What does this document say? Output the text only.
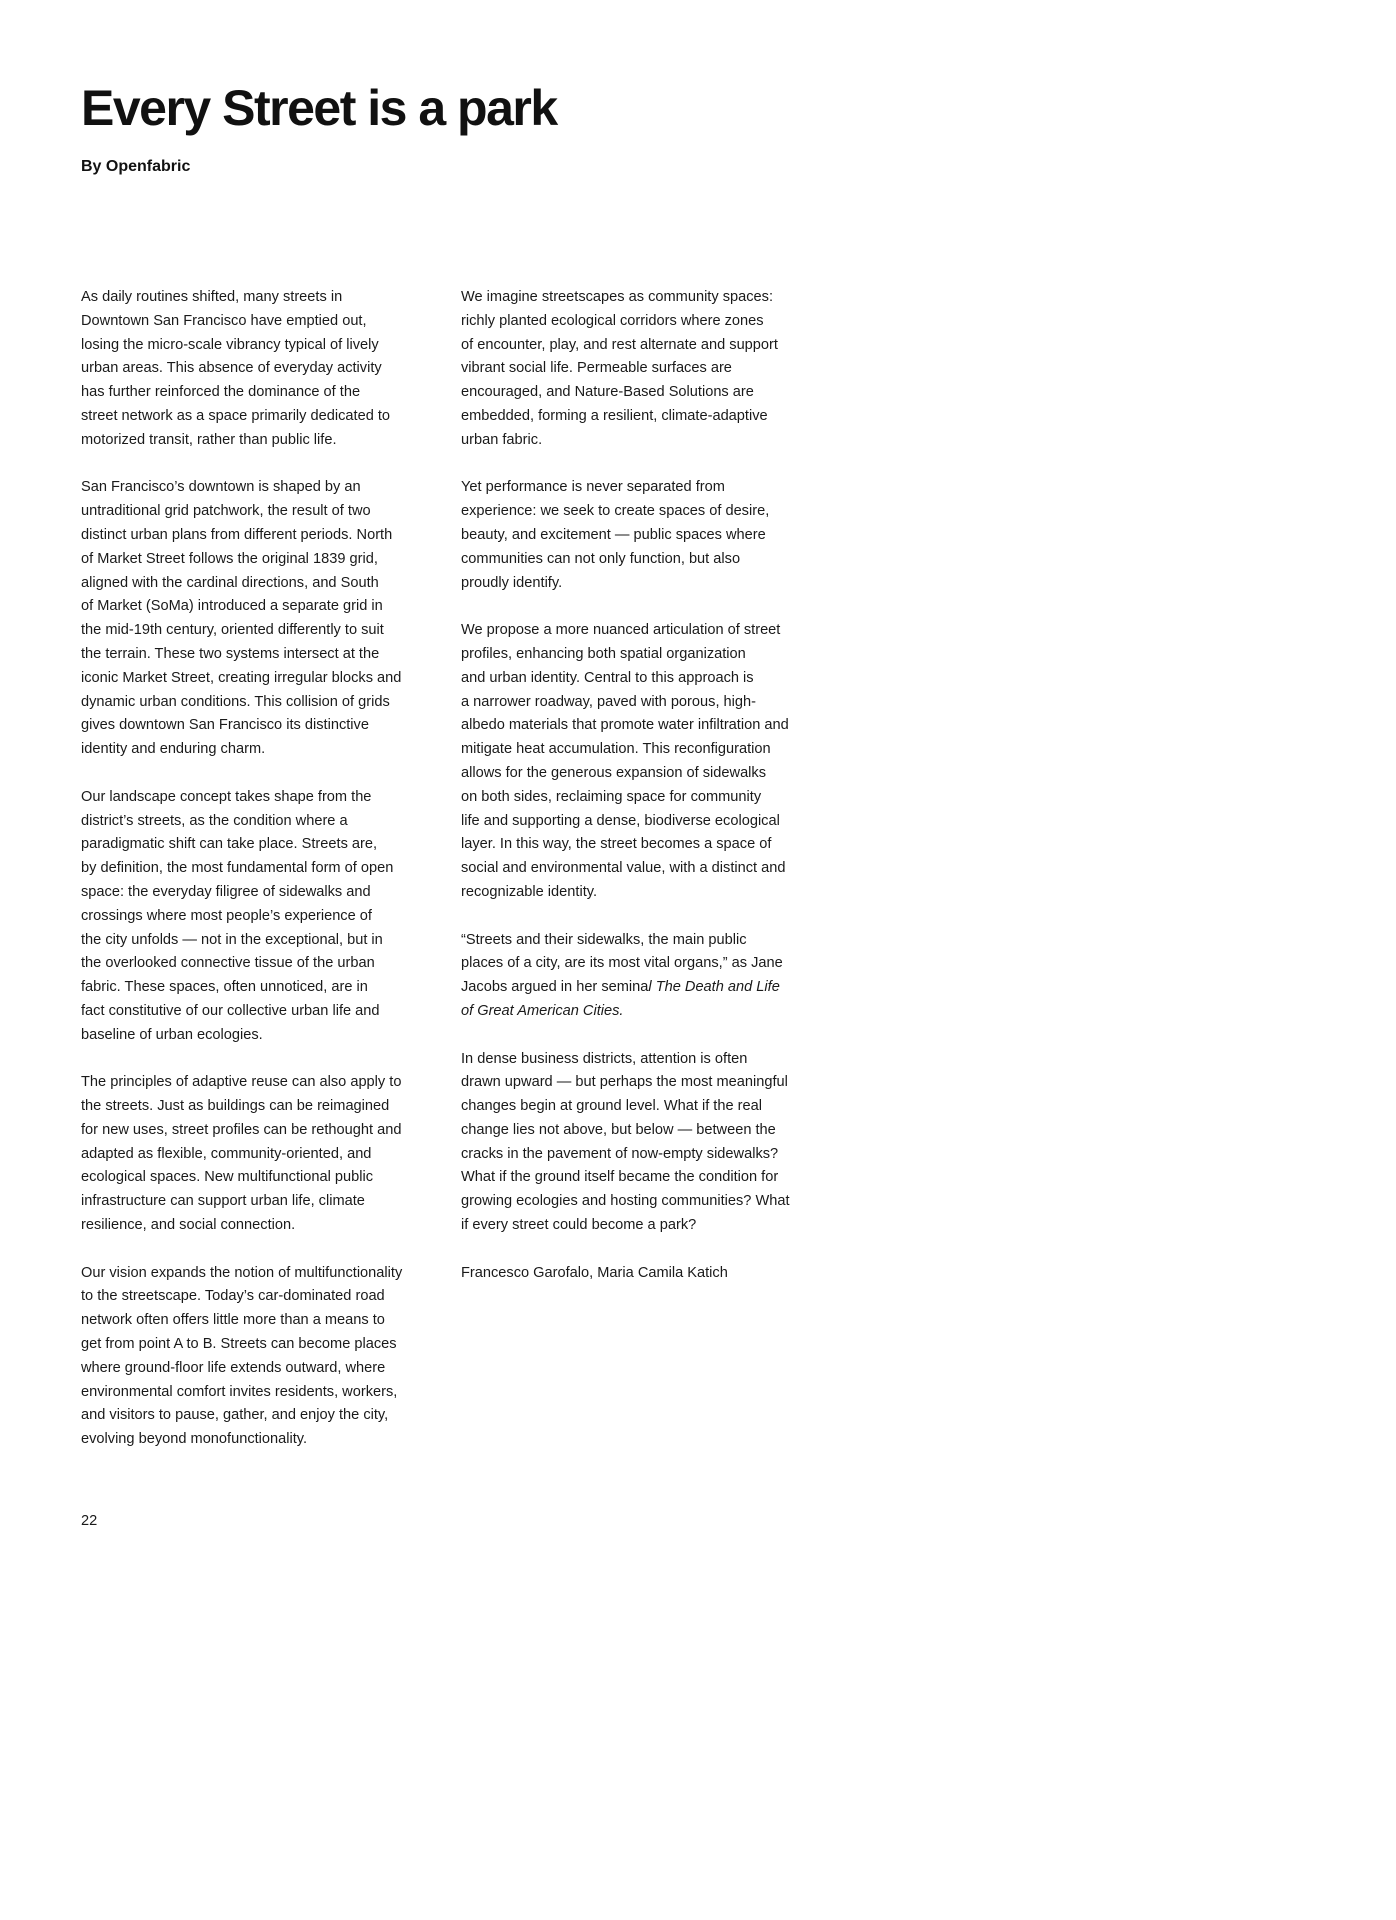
Every Street is a park

By Openfabric

As daily routines shifted, many streets in
Downtown San Francisco have emptied out,
losing the micro-scale vibrancy typical of lively
urban areas. This absence of everyday activity
has further reinforced the dominance of the
street network as a space primarily dedicated to
motorized transit, rather than public life.

San Francisco’s downtown is shaped by an
untraditional grid patchwork, the result of two
distinct urban plans from different periods. North
of Market Street follows the original 1839 grid,
aligned with the cardinal directions, and South
of Market (SoMa) introduced a separate grid in
the mid-19th century, oriented differently to suit
the terrain. These two systems intersect at the
iconic Market Street, creating irregular blocks and
dynamic urban conditions. This collision of grids
gives downtown San Francisco its distinctive
identity and enduring charm.

Our landscape concept takes shape from the
district’s streets, as the condition where a
paradigmatic shift can take place. Streets are,
by definition, the most fundamental form of open
space: the everyday filigree of sidewalks and
crossings where most people’s experience of
the city unfolds — not in the exceptional, but in
the overlooked connective tissue of the urban
fabric. These spaces, often unnoticed, are in
fact constitutive of our collective urban life and
baseline of urban ecologies.

The principles of adaptive reuse can also apply to
the streets. Just as buildings can be reimagined
for new uses, street profiles can be rethought and
adapted as flexible, community-oriented, and
ecological spaces. New multifunctional public
infrastructure can support urban life, climate
resilience, and social connection.

Our vision expands the notion of multifunctionality
to the streetscape. Today’s car-dominated road
network often offers little more than a means to
get from point A to B. Streets can become places
where ground-floor life extends outward, where
environmental comfort invites residents, workers,
and visitors to pause, gather, and enjoy the city,
evolving beyond monofunctionality.

We imagine streetscapes as community spaces:
richly planted ecological corridors where zones
of encounter, play, and rest alternate and support
vibrant social life. Permeable surfaces are
encouraged, and Nature-Based Solutions are
embedded, forming a resilient, climate-adaptive
urban fabric.

Yet performance is never separated from
experience: we seek to create spaces of desire,
beauty, and excitement — public spaces where
communities can not only function, but also
proudly identify.

We propose a more nuanced articulation of street
profiles, enhancing both spatial organization
and urban identity. Central to this approach is
a narrower roadway, paved with porous, high-
albedo materials that promote water infiltration and
mitigate heat accumulation. This reconfiguration
allows for the generous expansion of sidewalks
on both sides, reclaiming space for community
life and supporting a dense, biodiverse ecological
layer. In this way, the street becomes a space of
social and environmental value, with a distinct and
recognizable identity.

“Streets and their sidewalks, the main public
places of a city, are its most vital organs,” as Jane
Jacobs argued in her seminal The Death and Life
of Great American Cities.

In dense business districts, attention is often
drawn upward — but perhaps the most meaningful
changes begin at ground level. What if the real
change lies not above, but below — between the
cracks in the pavement of now-empty sidewalks?
What if the ground itself became the condition for
growing ecologies and hosting communities? What
if every street could become a park?

Francesco Garofalo, Maria Camila Katich

22
